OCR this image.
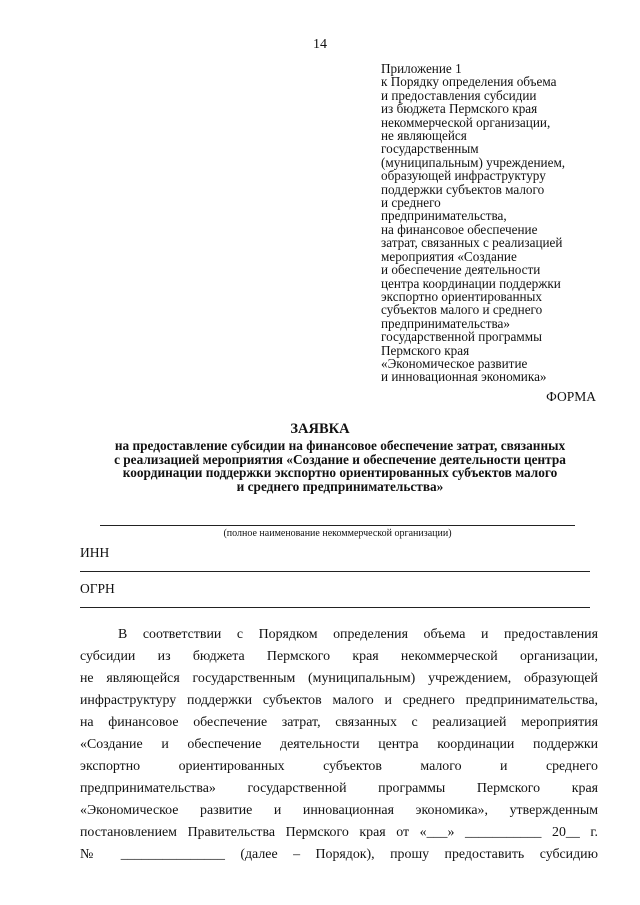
14
Приложение 1
к Порядку определения объема
и предоставления субсидии
из бюджета Пермского края
некоммерческой организации,
не являющейся
государственным
(муниципальным) учреждением,
образующей инфраструктуру
поддержки субъектов малого
и среднего
предпринимательства,
на финансовое обеспечение
затрат, связанных с реализацией
мероприятия «Создание
и обеспечение деятельности
центра координации поддержки
экспортно ориентированных
субъектов малого и среднего
предпринимательства»
государственной программы
Пермского края
«Экономическое развитие
и инновационная экономика»
ФОРМА
ЗАЯВКА
на предоставление субсидии на финансовое обеспечение затрат, связанных
с реализацией мероприятия «Создание и обеспечение деятельности центра
координации поддержки экспортно ориентированных субъектов малого
и среднего предпринимательства»
(полное наименование некоммерческой организации)
ИНН
ОГРН
В соответствии с Порядком определения объема и предоставления
субсидии из бюджета Пермского края некоммерческой организации,
не являющейся государственным (муниципальным) учреждением, образующей
инфраструктуру поддержки субъектов малого и среднего предпринимательства,
на финансовое обеспечение затрат, связанных с реализацией мероприятия
«Создание и обеспечение деятельности центра координации поддержки
экспортно ориентированных субъектов малого и среднего
предпринимательства» государственной программы Пермского края
«Экономическое развитие и инновационная экономика», утвержденным
постановлением Правительства Пермского края от «___» ___________ 20__ г.
№ _______________ (далее – Порядок), прошу предоставить субсидию
